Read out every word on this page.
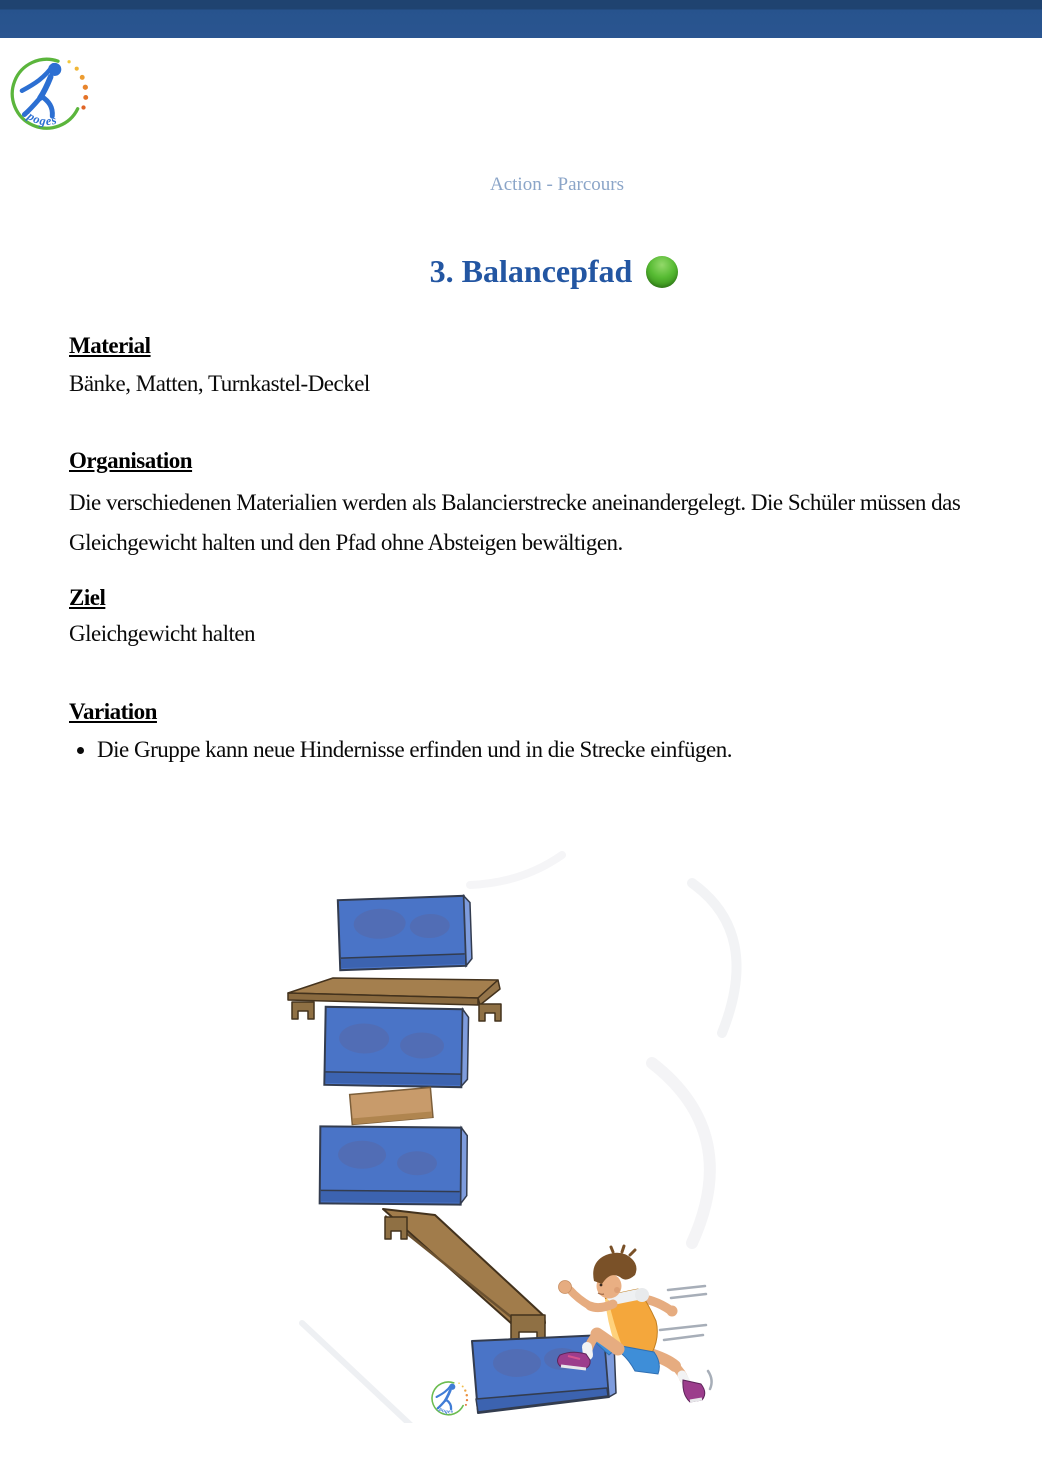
Action - Parcours
3. Balancepfad
Material

Bänke, Matten, Turnkastel-Deckel

Organisation

Die verschiedenen Materialien werden als Balancierstrecke aneinandergelegt. Die Schüler müssen das Gleichgewicht halten und den Pfad ohne Absteigen bewältigen.

Ziel

Gleichgewicht halten

Variation
• Die Gruppe kann neue Hindernisse erfinden und in die Strecke einfügen.
